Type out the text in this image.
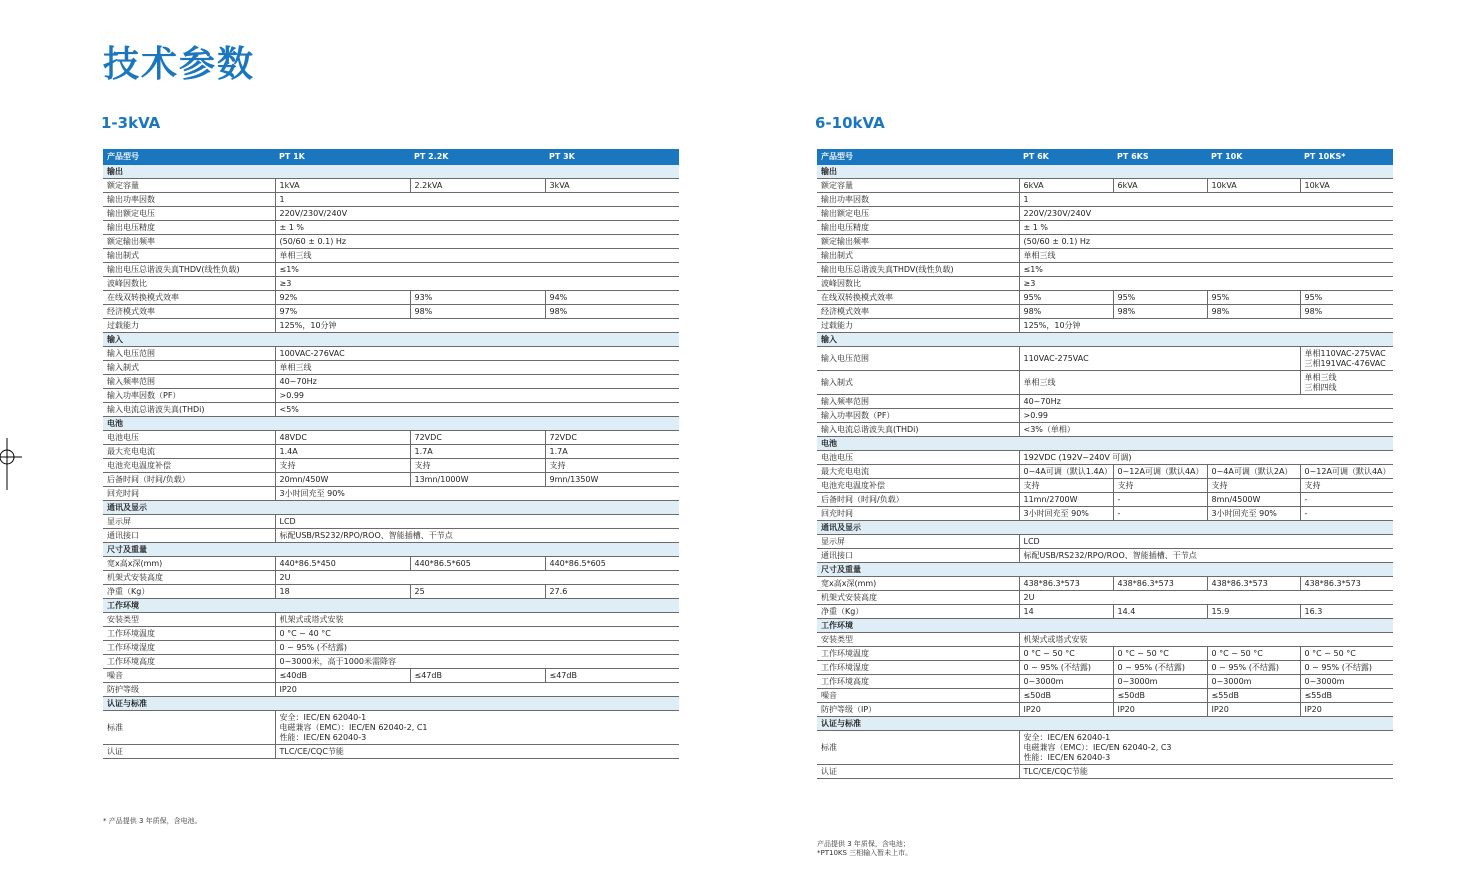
技术参数
1-3kVA
产品型号	PT 1K	PT 2.2K	PT 3K
输出			
额定容量	1kVA	2.2kVA	3kVA
输出功率因数	1		
输出额定电压	220V/230V/240V		
输出电压精度	± 1 %		
额定输出频率	(50/60 ± 0.1) Hz		
输出制式	单相三线		
输出电压总谐波失真THDV(线性负载)	≤1%		
波峰因数比	≥3		
在线双转换模式效率	92%	93%	94%
经济模式效率	97%	98%	98%
过载能力	125%，10分钟		
输入			
输入电压范围	100VAC-276VAC		
输入制式	单相三线		
输入频率范围	40~70Hz		
输入功率因数（PF）	>0.99		
输入电流总谐波失真(THDi)	<5%		
电池			
电池电压	48VDC	72VDC	72VDC
最大充电电流	1.4A	1.7A	1.7A
电池充电温度补偿	支持	支持	支持
后备时间（时间/负载）	20mn/450W	13mn/1000W	9mn/1350W
回充时间	3小时回充至 90%		
通讯及显示			
显示屏	LCD		
通讯接口	标配USB/RS232/RPO/ROO、智能插槽、干节点		
尺寸及重量			
宽x高x深(mm)	440*86.5*450	440*86.5*605	440*86.5*605
机架式安装高度	2U		
净重（Kg）	18	25	27.6
工作环境			
安装类型	机架式或塔式安装		
工作环境温度	0 °C ~ 40 °C		
工作环境湿度	0 ~ 95% (不结露)		
工作环境高度	0~3000米，高于1000米需降容		
噪音	≤40dB	≤47dB	≤47dB
防护等级	IP20		
认证与标准			
标准	安全：IEC/EN 62040-1
电磁兼容（EMC）：IEC/EN 62040-2, C1
性能：IEC/EN 62040-3		
认证	TLC/CE/CQC节能		
* 产品提供 3 年质保，含电池。
6-10kVA
产品型号	PT 6K	PT 6KS	PT 10K	PT 10KS*
输出				
额定容量	6kVA	6kVA	10kVA	10kVA
输出功率因数	1			
输出额定电压	220V/230V/240V			
输出电压精度	± 1 %			
额定输出频率	(50/60 ± 0.1) Hz			
输出制式	单相三线			
输出电压总谐波失真THDV(线性负载)	≤1%			
波峰因数比	≥3			
在线双转换模式效率	95%	95%	95%	95%
经济模式效率	98%	98%	98%	98%
过载能力	125%，10分钟			
输入				
输入电压范围	110VAC-275VAC			单相110VAC-275VAC
三相191VAC-476VAC
输入制式	单相三线			单相三线
三相四线
输入频率范围	40~70Hz			
输入功率因数（PF）	>0.99			
输入电流总谐波失真(THDi)	<3%（单相）			
电池				
电池电压	192VDC (192V~240V 可调)			
最大充电电流	0~4A可调（默认1.4A）	0~12A可调（默认4A）	0~4A可调（默认2A）	0~12A可调（默认4A）
电池充电温度补偿	支持	支持	支持	支持
后备时间（时间/负载）	11mn/2700W	-	8mn/4500W	-
回充时间	3小时回充至 90%	-	3小时回充至 90%	-
通讯及显示				
显示屏	LCD			
通讯接口	标配USB/RS232/RPO/ROO、智能插槽、干节点			
尺寸及重量				
宽x高x深(mm)	438*86.3*573	438*86.3*573	438*86.3*573	438*86.3*573
机架式安装高度	2U			
净重（Kg）	14	14.4	15.9	16.3
工作环境				
安装类型	机架式或塔式安装			
工作环境温度	0 °C ~ 50 °C	0 °C ~ 50 °C	0 °C ~ 50 °C	0 °C ~ 50 °C
工作环境湿度	0 ~ 95% (不结露)	0 ~ 95% (不结露)	0 ~ 95% (不结露)	0 ~ 95% (不结露)
工作环境高度	0~3000m	0~3000m	0~3000m	0~3000m
噪音	≤50dB	≤50dB	≤55dB	≤55dB
防护等级（IP）	IP20	IP20	IP20	IP20
认证与标准				
标准	安全：IEC/EN 62040-1
电磁兼容（EMC）：IEC/EN 62040-2, C3
性能：IEC/EN 62040-3			
认证	TLC/CE/CQC节能			
产品提供 3 年质保，含电池；
*PT10KS 三相输入暂未上市。
